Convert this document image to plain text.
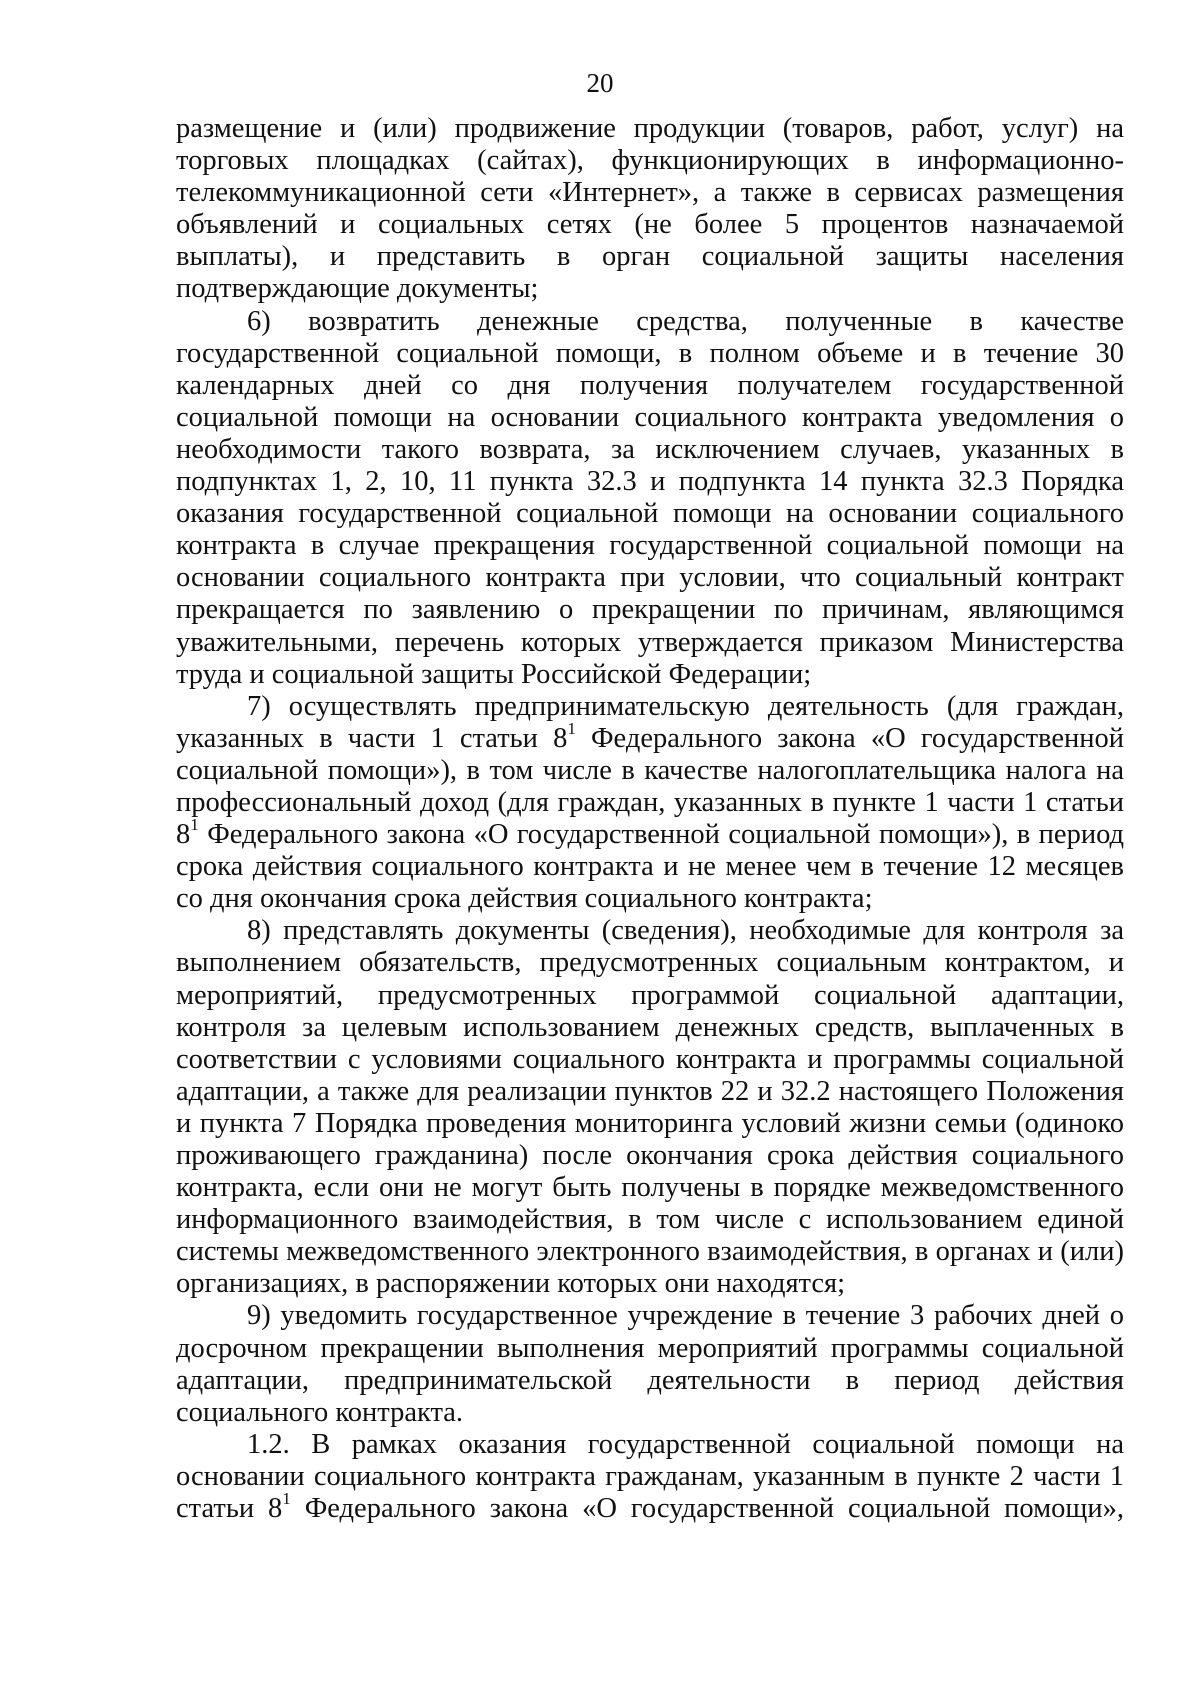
20

размещение и (или) продвижение продукции (товаров, работ, услуг) на торговых площадках (сайтах), функционирующих в информационно-телекоммуникационной сети «Интернет», а также в сервисах размещения объявлений и социальных сетях (не более 5 процентов назначаемой выплаты), и представить в орган социальной защиты населения подтверждающие документы;

6) возвратить денежные средства, полученные в качестве государственной социальной помощи, в полном объеме и в течение 30 календарных дней со дня получения получателем государственной социальной помощи на основании социального контракта уведомления о необходимости такого возврата, за исключением случаев, указанных в подпунктах 1, 2, 10, 11 пункта 32.3 и подпункта 14 пункта 32.3 Порядка оказания государственной социальной помощи на основании социального контракта в случае прекращения государственной социальной помощи на основании социального контракта при условии, что социальный контракт прекращается по заявлению о прекращении по причинам, являющимся уважительными, перечень которых утверждается приказом Министерства труда и социальной защиты Российской Федерации;

7) осуществлять предпринимательскую деятельность (для граждан, указанных в части 1 статьи $8^1$ Федерального закона «О государственной социальной помощи»), в том числе в качестве налогоплательщика налога на профессиональный доход (для граждан, указанных в пункте 1 части 1 статьи $8^1$ Федерального закона «О государственной социальной помощи»), в период срока действия социального контракта и не менее чем в течение 12 месяцев со дня окончания срока действия социального контракта;

8) представлять документы (сведения), необходимые для контроля за выполнением обязательств, предусмотренных социальным контрактом, и мероприятий, предусмотренных программой социальной адаптации, контроля за целевым использованием денежных средств, выплаченных в соответствии с условиями социального контракта и программы социальной адаптации, а также для реализации пунктов 22 и 32.2 настоящего Положения и пункта 7 Порядка проведения мониторинга условий жизни семьи (одиноко проживающего гражданина) после окончания срока действия социального контракта, если они не могут быть получены в порядке межведомственного информационного взаимодействия, в том числе с использованием единой системы межведомственного электронного взаимодействия, в органах и (или) организациях, в распоряжении которых они находятся;

9) уведомить государственное учреждение в течение 3 рабочих дней о досрочном прекращении выполнения мероприятий программы социальной адаптации, предпринимательской деятельности в период действия социального контракта.

1.2. В рамках оказания государственной социальной помощи на основании социального контракта гражданам, указанным в пункте 2 части 1 статьи $8^1$ Федерального закона «О государственной социальной помощи»,
